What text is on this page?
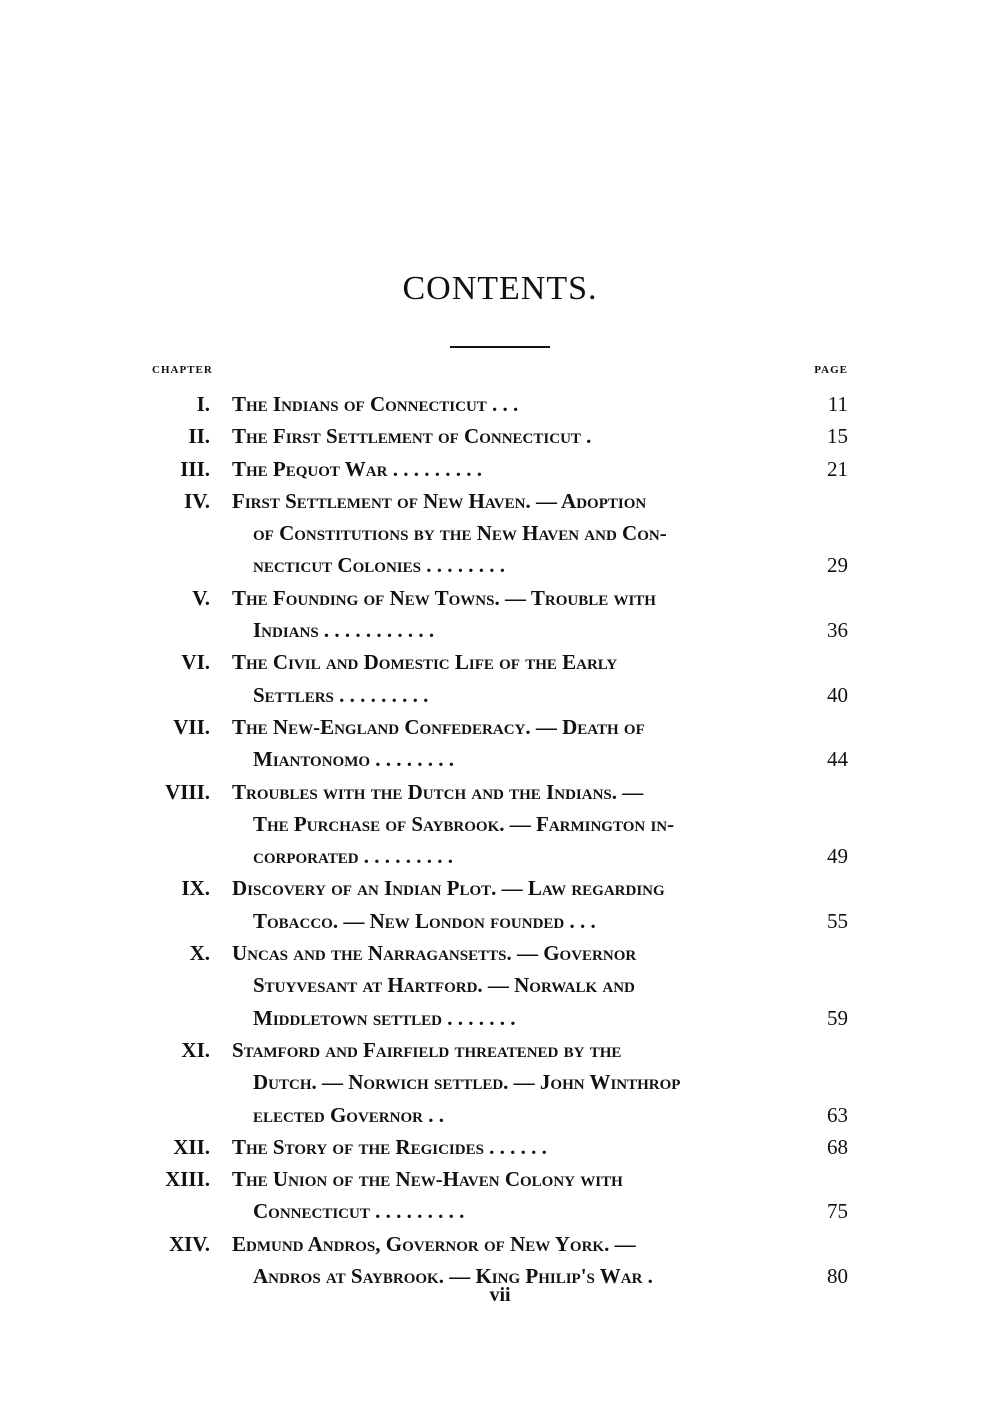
CONTENTS.
CHAPTER	PAGE
I. The Indians of Connecticut . . .	11
II. The First Settlement of Connecticut .	15
III. The Pequot War . . . . . . . . .	21
IV. First Settlement of New Haven. — Adoption
of Constitutions by the New Haven and Con-
necticut Colonies . . . . . . . .	29
V. The Founding of New Towns. — Trouble with
Indians . . . . . . . . . . .	36
VI. The Civil and Domestic Life of the Early
Settlers . . . . . . . . .	40
VII. The New-England Confederacy. — Death of
Miantonomo . . . . . . . .	44
VIII. Troubles with the Dutch and the Indians. —
The Purchase of Saybrook. — Farmington in-
corporated . . . . . . . . .	49
IX. Discovery of an Indian Plot. — Law regarding
Tobacco. — New London founded . . .	55
X. Uncas and the Narragansetts. — Governor
Stuyvesant at Hartford. — Norwalk and
Middletown settled . . . . . . .	59
XI. Stamford and Fairfield threatened by the
Dutch. — Norwich settled. — John Winthrop
elected Governor . .	63
XII. The Story of the Regicides . . . . . .	68
XIII. The Union of the New-Haven Colony with
Connecticut . . . . . . . . .	75
XIV. Edmund Andros, Governor of New York. —
Andros at Saybrook. — King Philip's War .	80
vii
